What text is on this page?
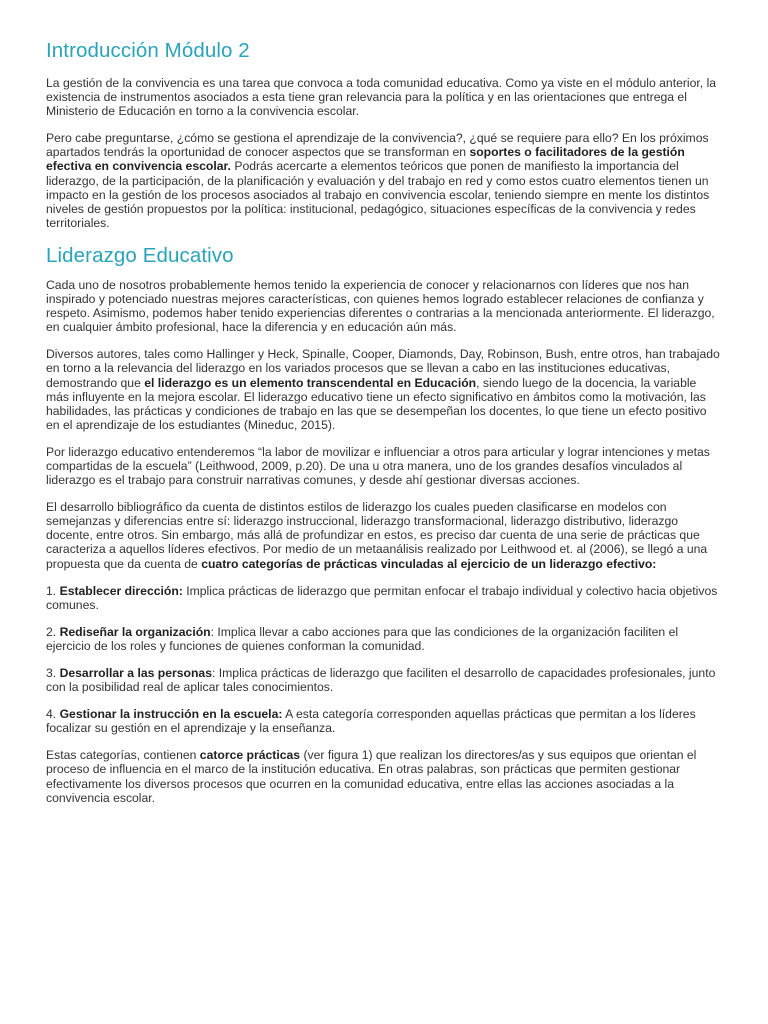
Introducción Módulo 2

La gestión de la convivencia es una tarea que convoca a toda comunidad educativa. Como ya viste en el módulo anterior, la existencia de instrumentos asociados a esta tiene gran relevancia para la política y en las orientaciones que entrega el Ministerio de Educación en torno a la convivencia escolar.

Pero cabe preguntarse, ¿cómo se gestiona el aprendizaje de la convivencia?, ¿qué se requiere para ello? En los próximos apartados tendrás la oportunidad de conocer aspectos que se transforman en soportes o facilitadores de la gestión efectiva en convivencia escolar. Podrás acercarte a elementos teóricos que ponen de manifiesto la importancia del liderazgo, de la participación, de la planificación y evaluación y del trabajo en red y como estos cuatro elementos tienen un impacto en la gestión de los procesos asociados al trabajo en convivencia escolar, teniendo siempre en mente los distintos niveles de gestión propuestos por la política: institucional, pedagógico, situaciones específicas de la convivencia y redes territoriales.

Liderazgo Educativo

Cada uno de nosotros probablemente hemos tenido la experiencia de conocer y relacionarnos con líderes que nos han inspirado y potenciado nuestras mejores características, con quienes hemos logrado establecer relaciones de confianza y respeto. Asimismo, podemos haber tenido experiencias diferentes o contrarias a la mencionada anteriormente. El liderazgo, en cualquier ámbito profesional, hace la diferencia y en educación aún más.

Diversos autores, tales como Hallinger y Heck, Spinalle, Cooper, Diamonds, Day, Robinson, Bush, entre otros, han trabajado en torno a la relevancia del liderazgo en los variados procesos que se llevan a cabo en las instituciones educativas, demostrando que el liderazgo es un elemento transcendental en Educación, siendo luego de la docencia, la variable más influyente en la mejora escolar. El liderazgo educativo tiene un efecto significativo en ámbitos como la motivación, las habilidades, las prácticas y condiciones de trabajo en las que se desempeñan los docentes, lo que tiene un efecto positivo en el aprendizaje de los estudiantes (Mineduc, 2015).

Por liderazgo educativo entenderemos “la labor de movilizar e influenciar a otros para articular y lograr intenciones y metas compartidas de la escuela” (Leithwood, 2009, p.20). De una u otra manera, uno de los grandes desafíos vinculados al liderazgo es el trabajo para construir narrativas comunes, y desde ahí gestionar diversas acciones.

El desarrollo bibliográfico da cuenta de distintos estilos de liderazgo los cuales pueden clasificarse en modelos con semejanzas y diferencias entre sí: liderazgo instruccional, liderazgo transformacional, liderazgo distributivo, liderazgo docente, entre otros. Sin embargo, más allá de profundizar en estos, es preciso dar cuenta de una serie de prácticas que caracteriza a aquellos líderes efectivos. Por medio de un metaanálisis realizado por Leithwood et. al (2006), se llegó a una propuesta que da cuenta de cuatro categorías de prácticas vinculadas al ejercicio de un liderazgo efectivo:

1. Establecer dirección: Implica prácticas de liderazgo que permitan enfocar el trabajo individual y colectivo hacia objetivos comunes.

2. Rediseñar la organización: Implica llevar a cabo acciones para que las condiciones de la organización faciliten el ejercicio de los roles y funciones de quienes conforman la comunidad.

3. Desarrollar a las personas: Implica prácticas de liderazgo que faciliten el desarrollo de capacidades profesionales, junto con la posibilidad real de aplicar tales conocimientos.

4. Gestionar la instrucción en la escuela: A esta categoría corresponden aquellas prácticas que permitan a los líderes focalizar su gestión en el aprendizaje y la enseñanza.

Estas categorías, contienen catorce prácticas (ver figura 1) que realizan los directores/as y sus equipos que orientan el proceso de influencia en el marco de la institución educativa. En otras palabras, son prácticas que permiten gestionar efectivamente los diversos procesos que ocurren en la comunidad educativa, entre ellas las acciones asociadas a la convivencia escolar.
